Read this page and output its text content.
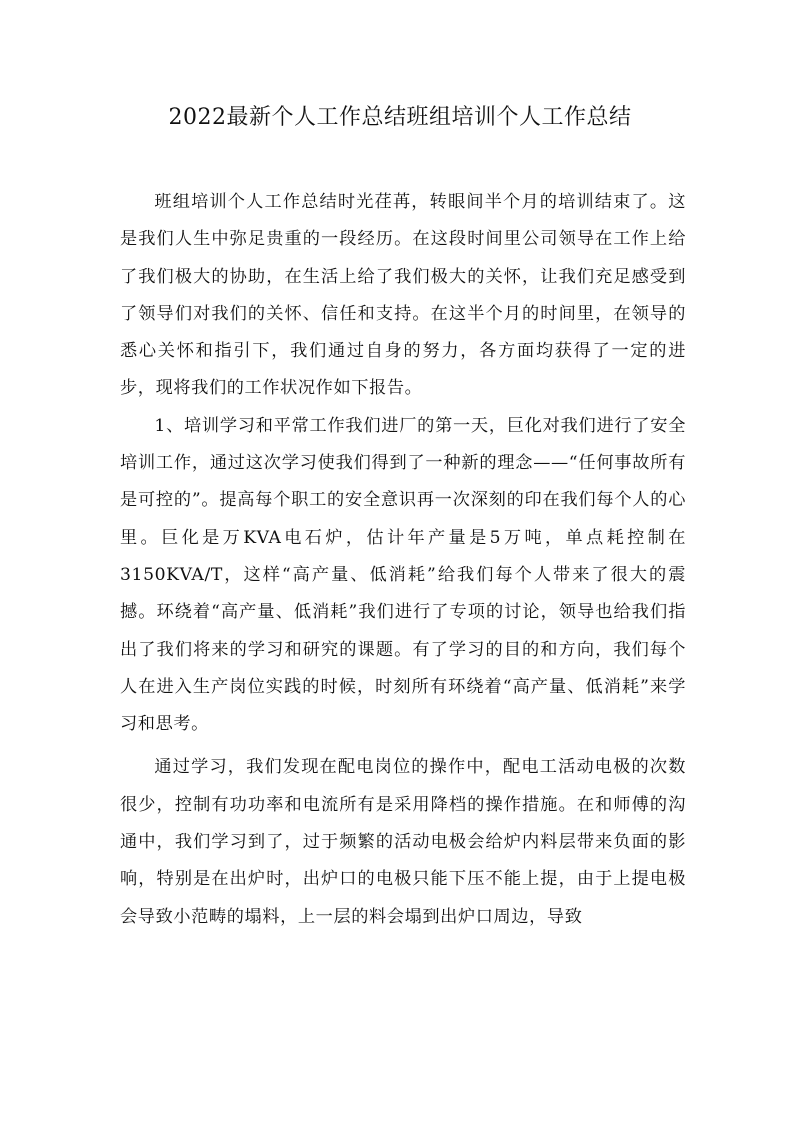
2022最新个人工作总结班组培训个人工作总结

班组培训个人工作总结时光荏苒，转眼间半个月的培训结束了。这是我们人生中弥足贵重的一段经历。在这段时间里公司领导在工作上给了我们极大的协助，在生活上给了我们极大的关怀，让我们充足感受到了领导们对我们的关怀、信任和支持。在这半个月的时间里，在领导的悉心关怀和指引下，我们通过自身的努力，各方面均获得了一定的进步，现将我们的工作状况作如下报告。

1、培训学习和平常工作我们进厂的第一天，巨化对我们进行了安全培训工作，通过这次学习使我们得到了一种新的理念——“任何事故所有是可控的”。提高每个职工的安全意识再一次深刻的印在我们每个人的心里。巨化是万KVA电石炉，估计年产量是5万吨，单点耗控制在3150KVA/T，这样“高产量、低消耗”给我们每个人带来了很大的震撼。环绕着“高产量、低消耗”我们进行了专项的讨论，领导也给我们指出了我们将来的学习和研究的课题。有了学习的目的和方向，我们每个人在进入生产岗位实践的时候，时刻所有环绕着“高产量、低消耗”来学习和思考。

通过学习，我们发现在配电岗位的操作中，配电工活动电极的次数很少，控制有功功率和电流所有是采用降档的操作措施。在和师傅的沟通中，我们学习到了，过于频繁的活动电极会给炉内料层带来负面的影响，特别是在出炉时，出炉口的电极只能下压不能上提，由于上提电极会导致小范畴的塌料，上一层的料会塌到出炉口周边，导致
